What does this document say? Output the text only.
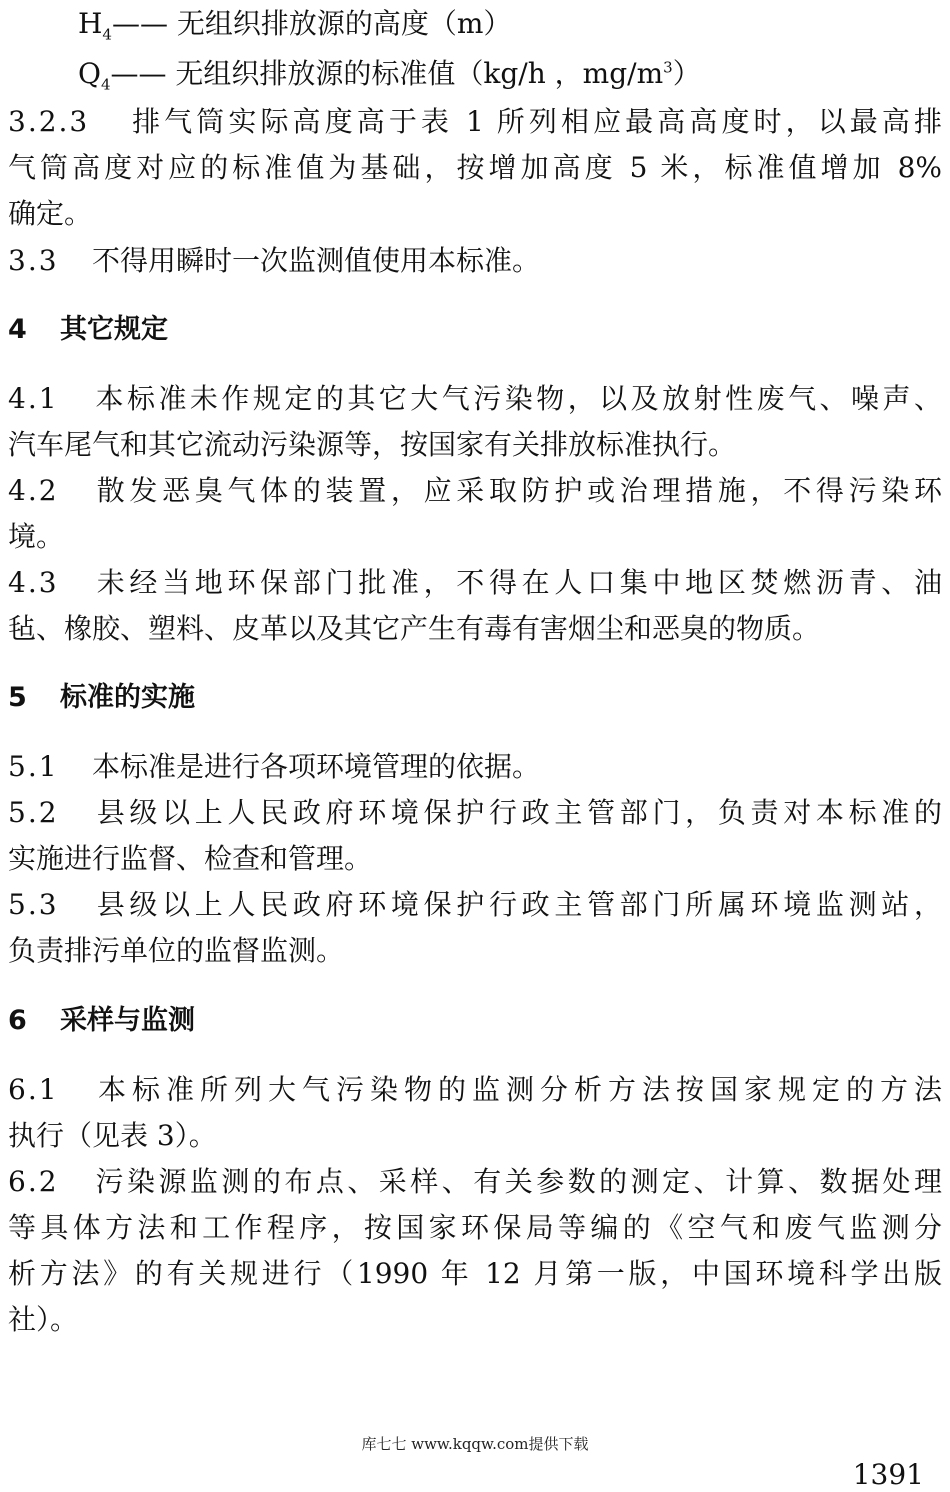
$H_4——$ 无组织排放源的高度（m）
$Q_4——$ 无组织排放源的标准值（kg/h ，$mg/m^3$）
3.2.3 排气筒实际高度高于表 1 所列相应最高高度时，以最高排
气筒高度对应的标准值为基础，按增加高度 5 米，标准值增加 8%
确定。
3.3 不得用瞬时一次监测值使用本标准。
4 其它规定
4.1 本标准未作规定的其它大气污染物，以及放射性废气、噪声、
汽车尾气和其它流动污染源等，按国家有关排放标准执行。
4.2 散发恶臭气体的装置，应采取防护或治理措施，不得污染环
境。
4.3 未经当地环保部门批准，不得在人口集中地区焚燃沥青、油
毡、橡胶、塑料、皮革以及其它产生有毒有害烟尘和恶臭的物质。
5 标准的实施
5.1 本标准是进行各项环境管理的依据。
5.2 县级以上人民政府环境保护行政主管部门，负责对本标准的
实施进行监督、检查和管理。
5.3 县级以上人民政府环境保护行政主管部门所属环境监测站，
负责排污单位的监督监测。
6 采样与监测
6.1 本标准所列大气污染物的监测分析方法按国家规定的方法
执行（见表 3）。
6.2 污染源监测的布点、采样、有关参数的测定、计算、数据处理
等具体方法和工作程序，按国家环保局等编的《空气和废气监测分
析方法》的有关规进行（1990 年 12 月第一版，中国环境科学出版
社）。
库七七 www.kqqw.com提供下载
1391
